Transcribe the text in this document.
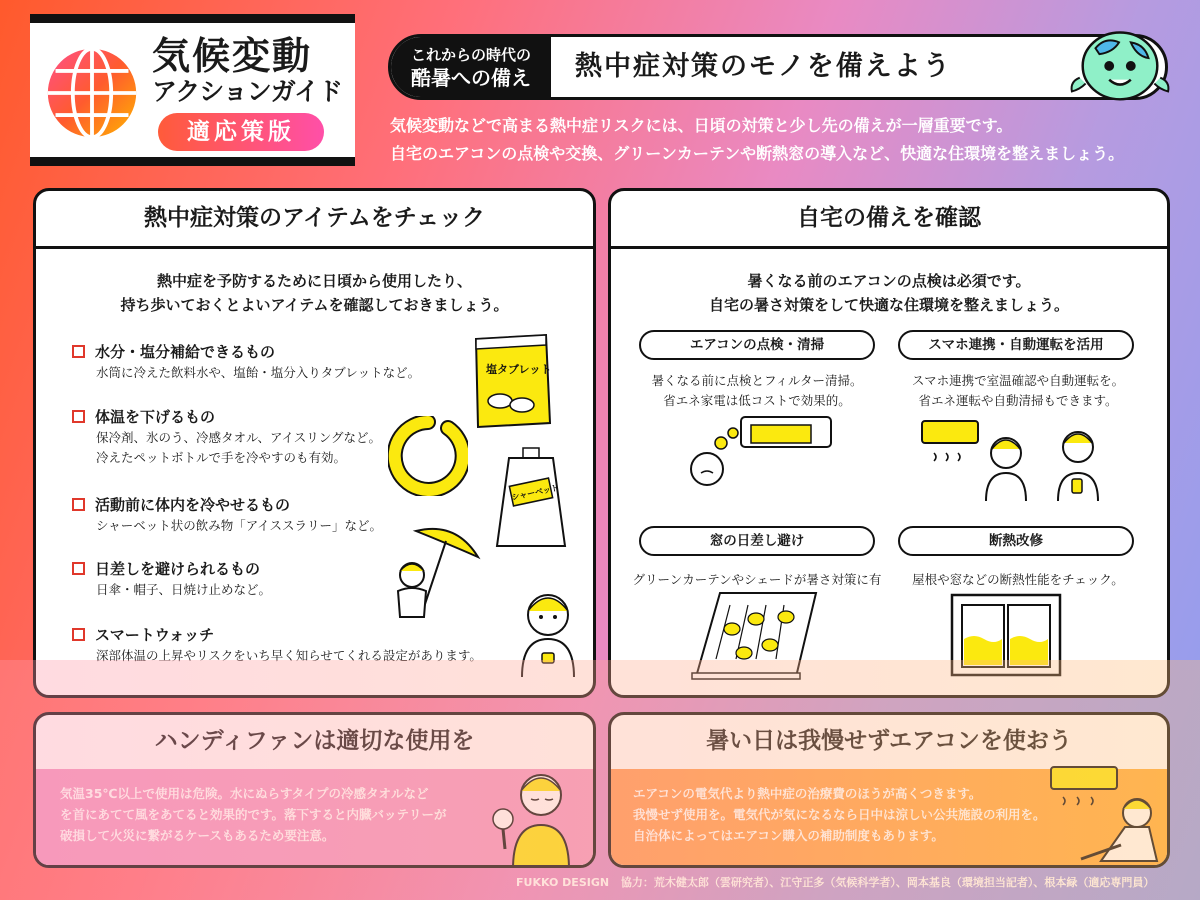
気候変動
アクションガイド
適応策版
これからの時代の
酷暑への備え	熱中症対策のモノを備えよう
気候変動などで高まる熱中症リスクには、日頃の対策と少し先の備えが一層重要です。
自宅のエアコンの点検や交換、グリーンカーテンや断熱窓の導入など、快適な住環境を整えましょう。
熱中症対策のアイテムをチェック
熱中症を予防するために日頃から使用したり、
持ち歩いておくとよいアイテムを確認しておきましょう。
水分・塩分補給できるもの
水筒に冷えた飲料水や、塩飴・塩分入りタブレットなど。
体温を下げるもの
保冷剤、氷のう、冷感タオル、アイスリングなど。
冷えたペットボトルで手を冷やすのも有効。
活動前に体内を冷やせるもの
シャーベット状の飲み物「アイススラリー」など。
日差しを避けられるもの
日傘・帽子、日焼け止めなど。
スマートウォッチ
深部体温の上昇やリスクをいち早く知らせてくれる設定があります。
塩タブレット
シャーベット
自宅の備えを確認
暑くなる前のエアコンの点検は必須です。
自宅の暑さ対策をして快適な住環境を整えましょう。
エアコンの点検・清掃
暑くなる前に点検とフィルター清掃。
省エネ家電は低コストで効果的。
スマホ連携・自動運転を活用
スマホ連携で室温確認や自動運転を。
省エネ運転や自動清掃もできます。
窓の日差し避け
グリーンカーテンやシェードが暑さ対策に有
断熱改修
屋根や窓などの断熱性能をチェック。
ハンディファンは適切な使用を
気温35℃以上で使用は危険。水にぬらすタイプの冷感タオルなど
を首にあてて風をあてると効果的です。落下すると内臓バッテリーが
破損して火災に繋がるケースもあるため要注意。
暑い日は我慢せずエアコンを使おう
エアコンの電気代より熱中症の治療費のほうが高くつきます。
我慢せず使用を。電気代が気になるなら日中は涼しい公共施設の利用を。
自治体によってはエアコン購入の補助制度もあります。
FUKKO DESIGN 協力：荒木健太郎（雲研究者）、江守正多（気候科学者）、岡本基良（環境担当記者）、根本緑（適応専門員）
